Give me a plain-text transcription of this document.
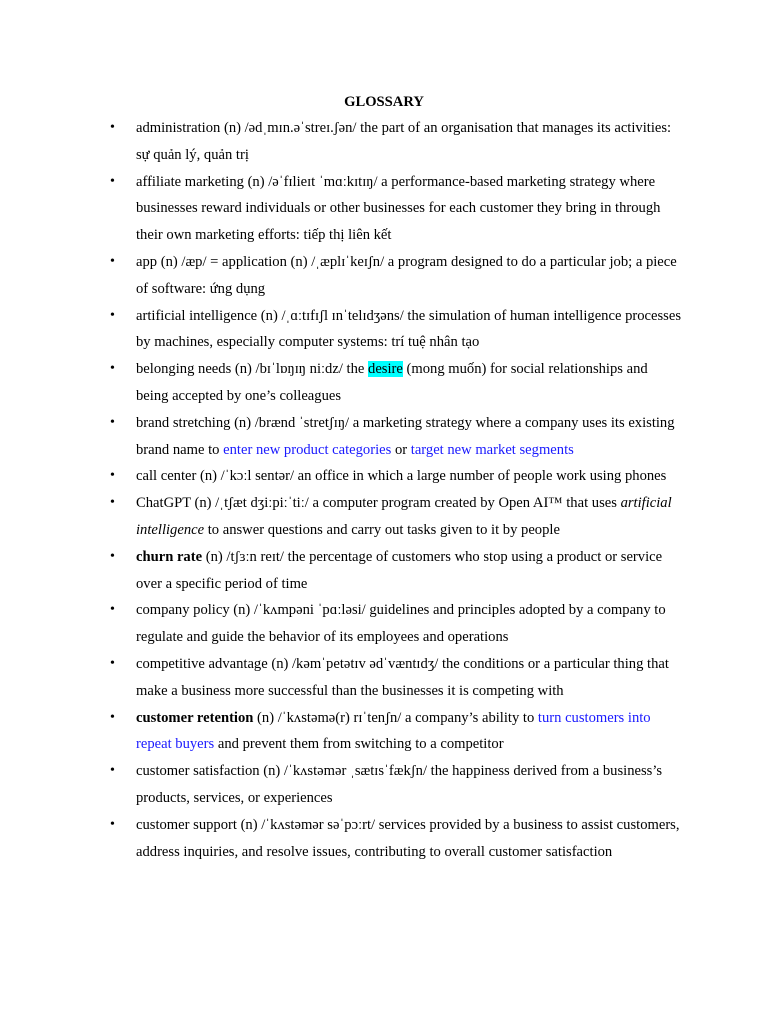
GLOSSARY
• administration (n) /ədˌmɪn.əˈstreɪ.ʃən/ the part of an organisation that manages its activities: sự quản lý, quản trị
• affiliate marketing (n) /əˈfɪlieɪt ˈmɑːkɪtɪŋ/ a performance-based marketing strategy where businesses reward individuals or other businesses for each customer they bring in through their own marketing efforts: tiếp thị liên kết
• app (n) /æp/ = application (n) /ˌæplɪˈkeɪʃn/ a program designed to do a particular job; a piece of software: ứng dụng
• artificial intelligence (n) /ˌɑːtɪfɪʃl ɪnˈtelɪdʒəns/ the simulation of human intelligence processes by machines, especially computer systems: trí tuệ nhân tạo
• belonging needs (n) /bɪˈlɒŋɪŋ niːdz/ the desire (mong muốn) for social relationships and being accepted by one’s colleagues
• brand stretching (n) /brænd ˈstretʃɪŋ/ a marketing strategy where a company uses its existing brand name to enter new product categories or target new market segments
• call center (n) /ˈkɔːl sentər/ an office in which a large number of people work using phones
• ChatGPT (n) /ˌtʃæt dʒiːpiːˈtiː/ a computer program created by Open AI™ that uses artificial intelligence to answer questions and carry out tasks given to it by people
• churn rate (n) /tʃɜːn reɪt/ the percentage of customers who stop using a product or service over a specific period of time
• company policy (n) /ˈkʌmpəni ˈpɑːləsi/ guidelines and principles adopted by a company to regulate and guide the behavior of its employees and operations
• competitive advantage (n) /kəmˈpetətɪv ədˈvæntɪdʒ/ the conditions or a particular thing that make a business more successful than the businesses it is competing with
• customer retention (n) /ˈkʌstəmə(r) rɪˈtenʃn/ a company’s ability to turn customers into repeat buyers and prevent them from switching to a competitor
• customer satisfaction (n) /ˈkʌstəmər ˌsætɪsˈfækʃn/ the happiness derived from a business’s products, services, or experiences
• customer support (n) /ˈkʌstəmər səˈpɔːrt/ services provided by a business to assist customers, address inquiries, and resolve issues, contributing to overall customer satisfaction
